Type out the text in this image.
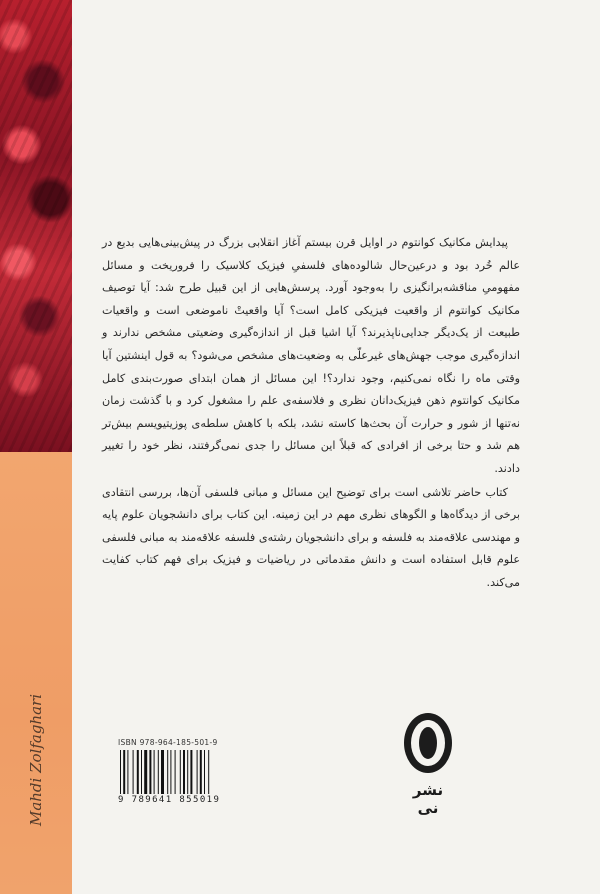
Mahdi Zolfaghari

پیدایش مکانیک کوانتوم در اوایل قرن بیستم آغاز انقلابی بزرگ در پیش‌بینی‌هایی بدیع در عالم خُرد بود و درعین‌حال شالوده‌های فلسفیِ فیزیک کلاسیک را فروریخت و مسائل مفهومیِ مناقشه‌برانگیزی را به‌وجود آورد. پرسش‌هایی از این قبیل طرح شد: آیا توصیف مکانیک کوانتوم از واقعیت فیزیکی کامل است؟ آیا واقعیتْ ناموضعی است و واقعیات طبیعت از یک‌دیگر جدایی‌ناپذیرند؟ آیا اشیا قبل از اندازه‌گیری وضعیتی مشخص ندارند و اندازه‌گیری موجب جهش‌های غیرعلّی به وضعیت‌های مشخص می‌شود؟ به قول اینشتین آیا وقتی ماه را نگاه نمی‌کنیم، وجود ندارد؟! این مسائل از همان ابتدای صورت‌بندی کامل مکانیک کوانتوم ذهن فیزیک‌دانان نظری و فلاسفه‌ی علم را مشغول کرد و با گذشت زمان نه‌تنها از شور و حرارت آن بحث‌ها کاسته نشد، بلکه با کاهش سلطه‌ی پوزیتیویسم بیش‌تر هم شد و حتا برخی از افرادی که قبلاً این مسائل را جدی نمی‌گرفتند، نظر خود را تغییر دادند.

کتاب حاضر تلاشی است برای توضیح این مسائل و مبانی فلسفی آن‌ها، بررسی انتقادی برخی از دیدگاه‌ها و الگوهای نظری مهم در این زمینه. این کتاب برای دانشجویان علوم پایه و مهندسی علاقه‌مند به فلسفه و برای دانشجویان رشته‌ی فلسفه علاقه‌مند به مبانی فلسفی علوم قابل استفاده است و دانش مقدماتی در ریاضیات و فیزیک برای فهم کتاب کفایت می‌کند.

ISBN 978-964-185-501-9
9 789641 855019
نشر نی
